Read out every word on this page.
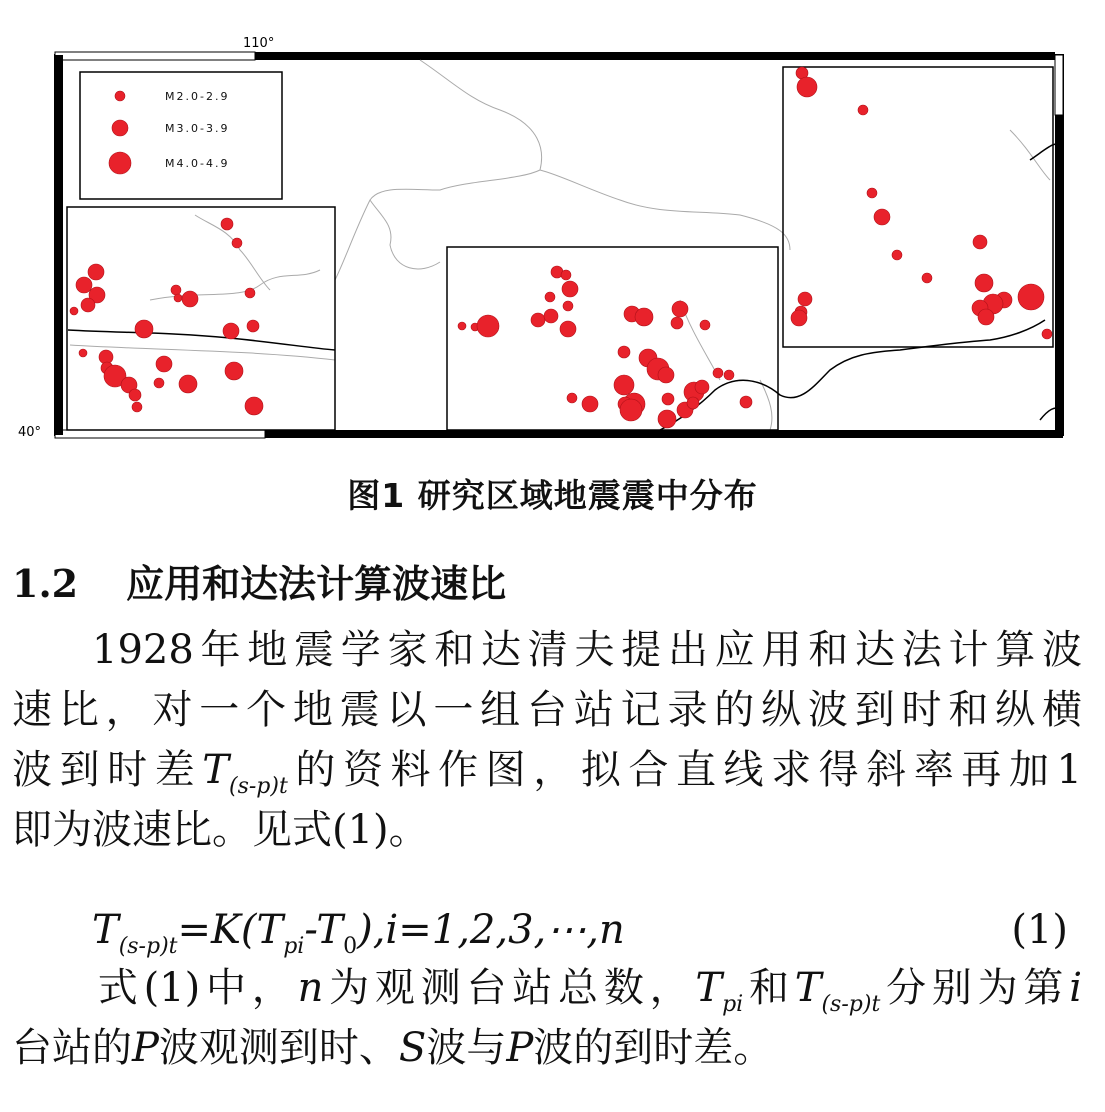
110°
40°
M2.0-2.9
M3.0-3.9
M4.0-4.9
图1 研究区域地震震中分布
1.2 应用和达法计算波速比
1928年地震学家和达清夫提出应用和达法计算波
速比，对一个地震以一组台站记录的纵波到时和纵横
波到时差$T_{(s-p)t}$的资料作图，拟合直线求得斜率再加1
即为波速比。见式(1)。
$T_{(s-p)t}=K(T_{pi}-T_0),i=1,2,3,\cdots,n$	(1)
式(1)中，n为观测台站总数，$T_{pi}$和$T_{(s-p)t}$分别为第i
台站的P波观测到时、S波与P波的到时差。
